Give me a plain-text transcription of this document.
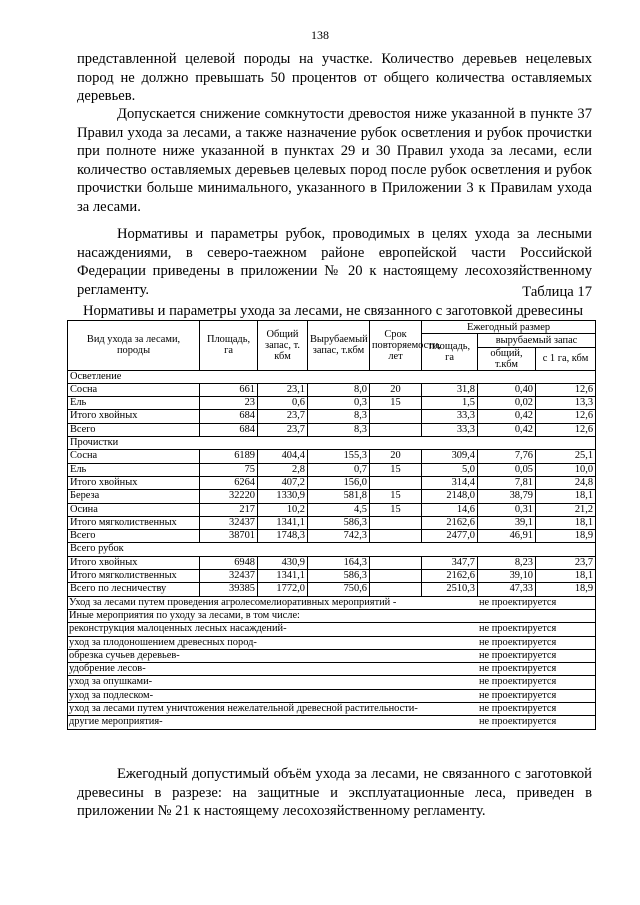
138
представленной целевой породы на участке. Количество деревьев нецелевых пород не должно превышать 50 процентов от общего количества оставляемых деревьев.
Допускается снижение сомкнутости древостоя ниже указанной в пункте 37 Правил ухода за лесами, а также назначение рубок осветления и рубок прочистки при полноте ниже указанной в пунктах 29 и 30 Правил ухода за лесами, если количество оставляемых деревьев целевых пород после рубок осветления и рубок прочистки больше минимального, указанного в Приложении 3 к Правилам ухода за лесами.
Нормативы и параметры рубок, проводимых в целях ухода за лесными насаждениями, в северо-таежном районе европейской части Российской Федерации приведены в приложении № 20 к настоящему лесохозяйственному регламенту.	Таблица 17
Нормативы и параметры ухода за лесами, не связанного с заготовкой древесины
Вид ухода за лесами, породы	Площадь, га	Общий запас, т. кбм	Вырубаемый запас, т.кбм	Срок повторяемости, лет	Ежегодный размер		
					площадь, га	вырубаемый запас	
						общий, т.кбм	с 1 га, кбм
Осветление							
Сосна	661	23,1	8,0	20	31,8	0,40	12,6
Ель	23	0,6	0,3	15	1,5	0,02	13,3
Итого хвойных	684	23,7	8,3		33,3	0,42	12,6
Всего	684	23,7	8,3		33,3	0,42	12,6
Прочистки							
Сосна	6189	404,4	155,3	20	309,4	7,76	25,1
Ель	75	2,8	0,7	15	5,0	0,05	10,0
Итого хвойных	6264	407,2	156,0		314,4	7,81	24,8
Береза	32220	1330,9	581,8	15	2148,0	38,79	18,1
Осина	217	10,2	4,5	15	14,6	0,31	21,2
Итого мягколиственных	32437	1341,1	586,3		2162,6	39,1	18,1
Всего	38701	1748,3	742,3		2477,0	46,91	18,9
Всего рубок							
Итого хвойных	6948	430,9	164,3		347,7	8,23	23,7
Итого мягколиственных	32437	1341,1	586,3		2162,6	39,10	18,1
Всего по лесничеству	39385	1772,0	750,6		2510,3	47,33	18,9
Уход за лесами путем проведения агролесомелиоративных мероприятий - не проектируется							
Иные мероприятия по уходу за лесами, в том числе:							
реконструкция малоценных лесных насаждений- не проектируется							
уход за плодоношением древесных пород- не проектируется							
обрезка сучьев деревьев- не проектируется							
удобрение лесов- не проектируется							
уход за опушками- не проектируется							
уход за подлеском- не проектируется							
уход за лесами путем уничтожения нежелательной древесной растительности- не проектируется							
другие мероприятия- не проектируется							
Ежегодный допустимый объём ухода за лесами, не связанного с заготовкой древесины в разрезе: на защитные и эксплуатационные леса, приведен в приложении № 21 к настоящему лесохозяйственному регламенту.
